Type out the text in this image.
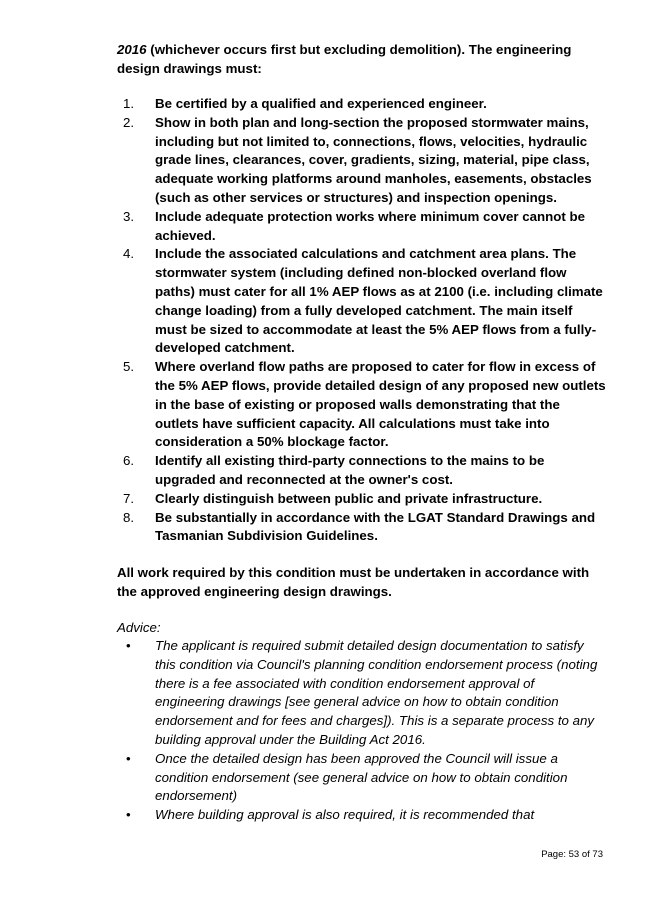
2016 (whichever occurs first but excluding demolition). The engineering design drawings must:

1. Be certified by a qualified and experienced engineer.
2. Show in both plan and long-section the proposed stormwater mains, including but not limited to, connections, flows, velocities, hydraulic grade lines, clearances, cover, gradients, sizing, material, pipe class, adequate working platforms around manholes, easements, obstacles (such as other services or structures) and inspection openings.
3. Include adequate protection works where minimum cover cannot be achieved.
4. Include the associated calculations and catchment area plans. The stormwater system (including defined non-blocked overland flow paths) must cater for all 1% AEP flows as at 2100 (i.e. including climate change loading) from a fully developed catchment. The main itself must be sized to accommodate at least the 5% AEP flows from a fully-developed catchment.
5. Where overland flow paths are proposed to cater for flow in excess of the 5% AEP flows, provide detailed design of any proposed new outlets in the base of existing or proposed walls demonstrating that the outlets have sufficient capacity. All calculations must take into consideration a 50% blockage factor.
6. Identify all existing third-party connections to the mains to be upgraded and reconnected at the owner's cost.
7. Clearly distinguish between public and private infrastructure.
8. Be substantially in accordance with the LGAT Standard Drawings and Tasmanian Subdivision Guidelines.

All work required by this condition must be undertaken in accordance with the approved engineering design drawings.

Advice:
• The applicant is required submit detailed design documentation to satisfy this condition via Council's planning condition endorsement process (noting there is a fee associated with condition endorsement approval of engineering drawings [see general advice on how to obtain condition endorsement and for fees and charges]). This is a separate process to any building approval under the Building Act 2016.
• Once the detailed design has been approved the Council will issue a condition endorsement (see general advice on how to obtain condition endorsement)
• Where building approval is also required, it is recommended that
Page: 53 of 73
